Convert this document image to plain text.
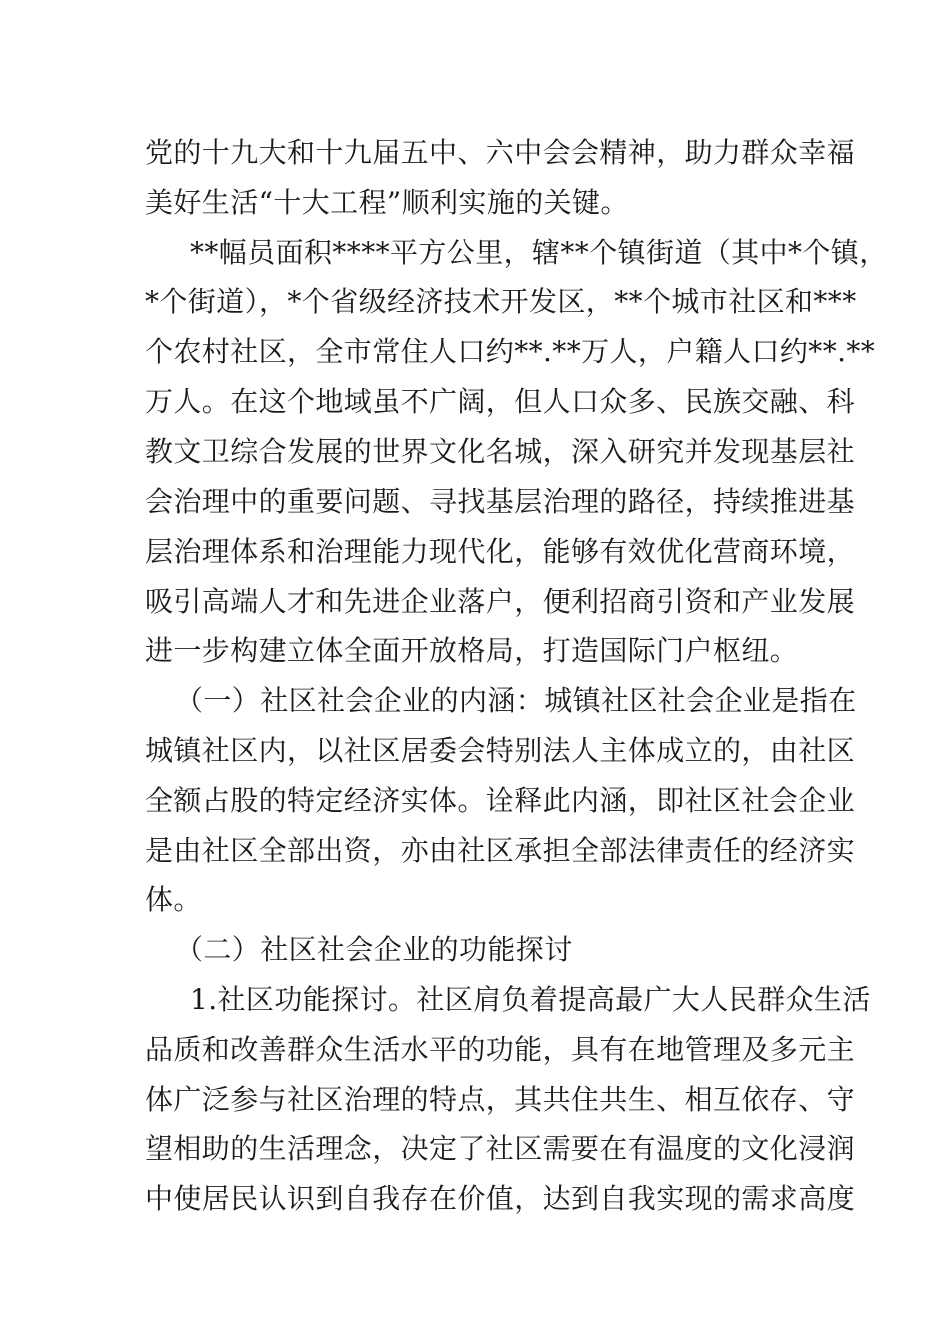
党的十九大和十九届五中、六中会会精神，助力群众幸福
美好生活“十大工程”顺利实施的关键。
**幅员面积****平方公里，辖**个镇街道（其中*个镇，
*个街道），*个省级经济技术开发区，**个城市社区和***
个农村社区，全市常住人口约**.**万人，户籍人口约**.**
万人。在这个地域虽不广阔，但人口众多、民族交融、科
教文卫综合发展的世界文化名城，深入研究并发现基层社
会治理中的重要问题、寻找基层治理的路径，持续推进基
层治理体系和治理能力现代化，能够有效优化营商环境，
吸引高端人才和先进企业落户，便利招商引资和产业发展
进一步构建立体全面开放格局，打造国际门户枢纽。
（一）社区社会企业的内涵：城镇社区社会企业是指在
城镇社区内，以社区居委会特别法人主体成立的，由社区
全额占股的特定经济实体。诠释此内涵，即社区社会企业
是由社区全部出资，亦由社区承担全部法律责任的经济实
体。
（二）社区社会企业的功能探讨
1.社区功能探讨。社区肩负着提高最广大人民群众生活
品质和改善群众生活水平的功能，具有在地管理及多元主
体广泛参与社区治理的特点，其共住共生、相互依存、守
望相助的生活理念，决定了社区需要在有温度的文化浸润
中使居民认识到自我存在价值，达到自我实现的需求高度
